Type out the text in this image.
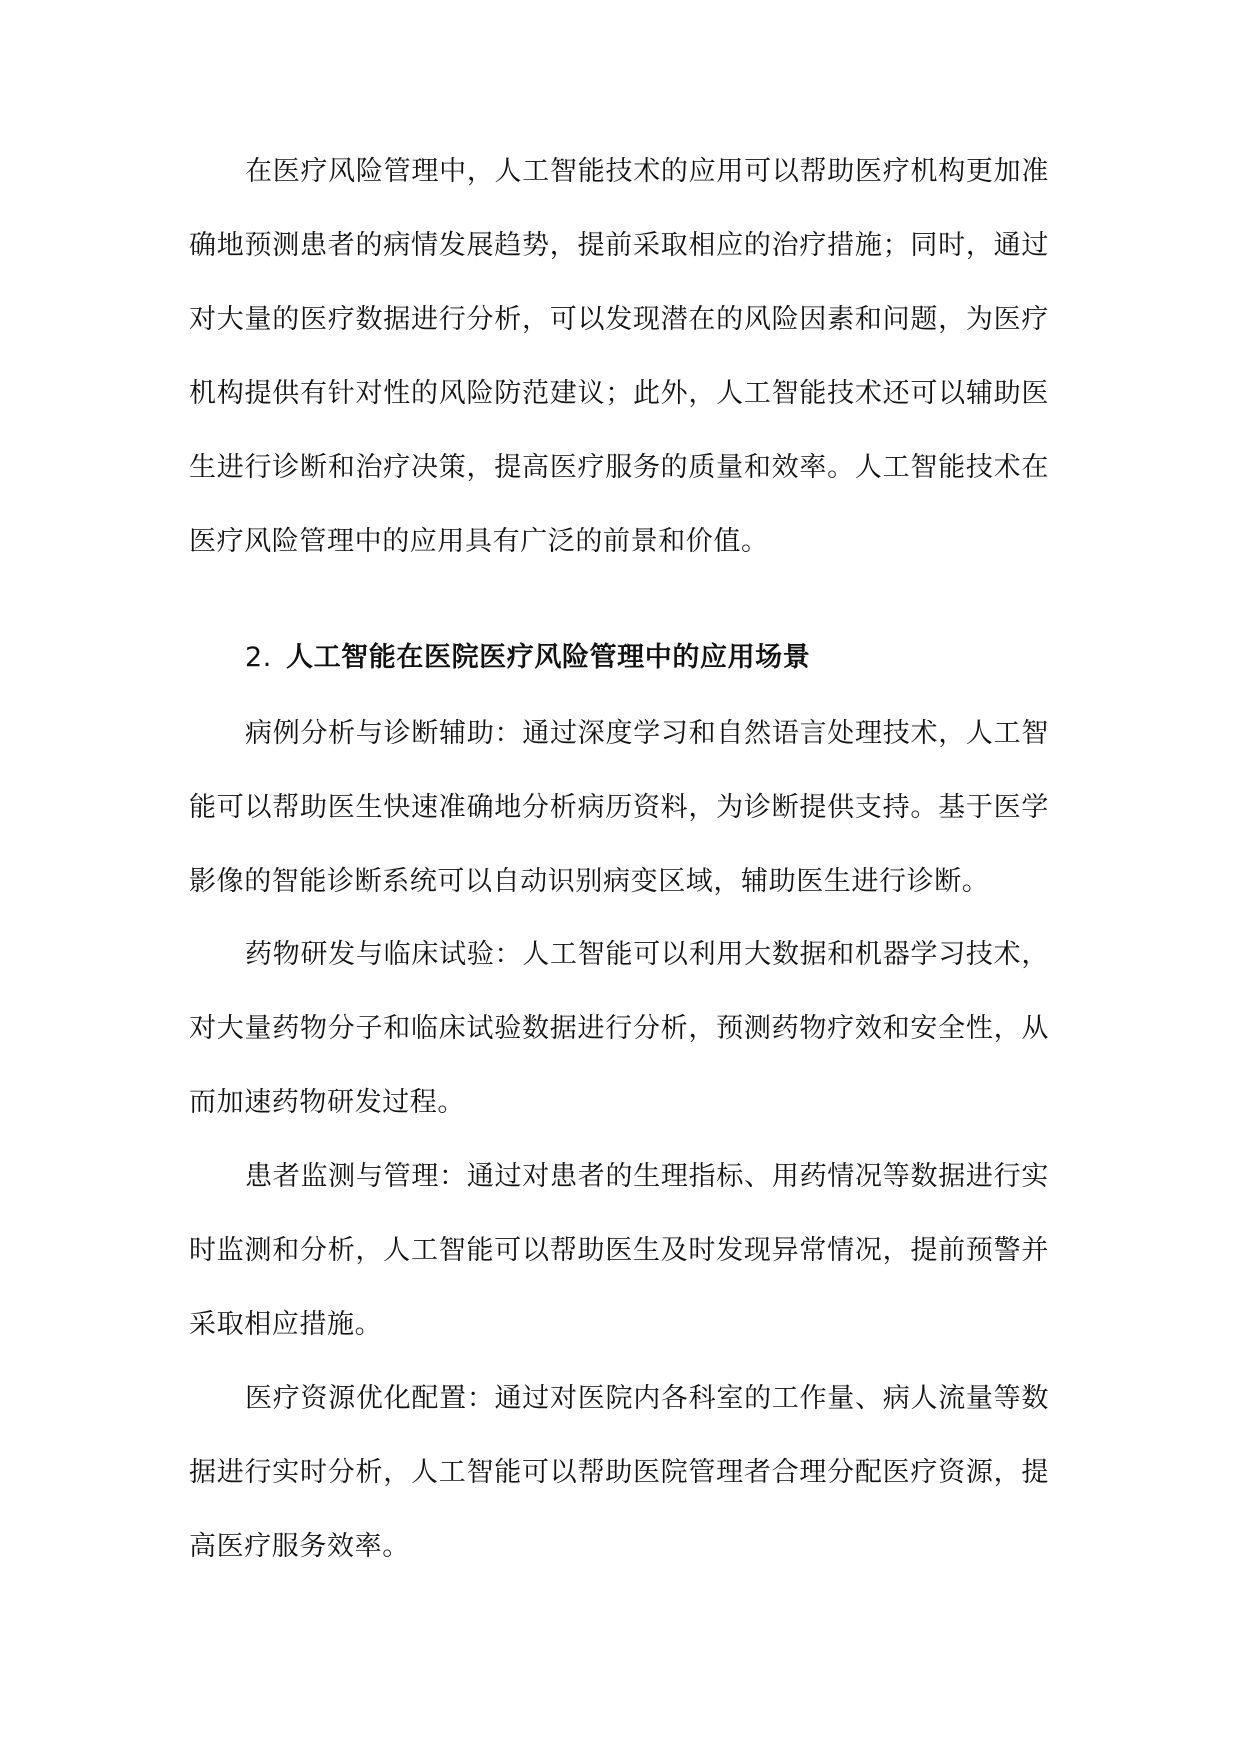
在医疗风险管理中，人工智能技术的应用可以帮助医疗机构更加准确地预测患者的病情发展趋势，提前采取相应的治疗措施；同时，通过对大量的医疗数据进行分析，可以发现潜在的风险因素和问题，为医疗机构提供有针对性的风险防范建议；此外，人工智能技术还可以辅助医生进行诊断和治疗决策，提高医疗服务的质量和效率。人工智能技术在医疗风险管理中的应用具有广泛的前景和价值。

2. 人工智能在医院医疗风险管理中的应用场景

病例分析与诊断辅助：通过深度学习和自然语言处理技术，人工智能可以帮助医生快速准确地分析病历资料，为诊断提供支持。基于医学影像的智能诊断系统可以自动识别病变区域，辅助医生进行诊断。

药物研发与临床试验：人工智能可以利用大数据和机器学习技术，对大量药物分子和临床试验数据进行分析，预测药物疗效和安全性，从而加速药物研发过程。

患者监测与管理：通过对患者的生理指标、用药情况等数据进行实时监测和分析，人工智能可以帮助医生及时发现异常情况，提前预警并采取相应措施。

医疗资源优化配置：通过对医院内各科室的工作量、病人流量等数据进行实时分析，人工智能可以帮助医院管理者合理分配医疗资源，提高医疗服务效率。
